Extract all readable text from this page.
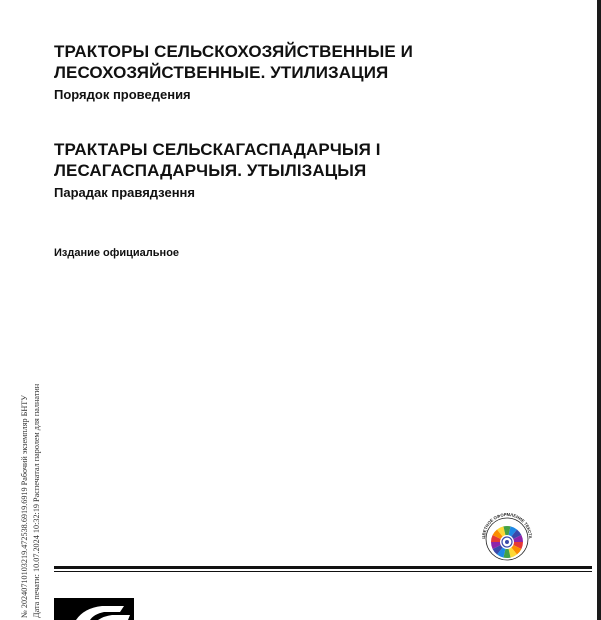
ТРАКТОРЫ СЕЛЬСКОХОЗЯЙСТВЕННЫЕ И

ЛЕСОХОЗЯЙСТВЕННЫЕ. УТИЛИЗАЦИЯ

Порядок проведения

ТРАКТАРЫ СЕЛЬСКАГАСПАДАРЧЫЯ І

ЛЕСАГАСПАДАРЧЫЯ. УТЫЛІЗАЦЫЯ

Парадак правядзення
Издание официальное
№ 20240710103219.472538.6919.6919 Рабочий экземпляр БНТУ Дата печати: 10.07.2024 10:32:19 Распечатал паролем для палнатин	ЦВЕТНОЕ ОФОРМЛЕНИЕ ТЕКСТА
